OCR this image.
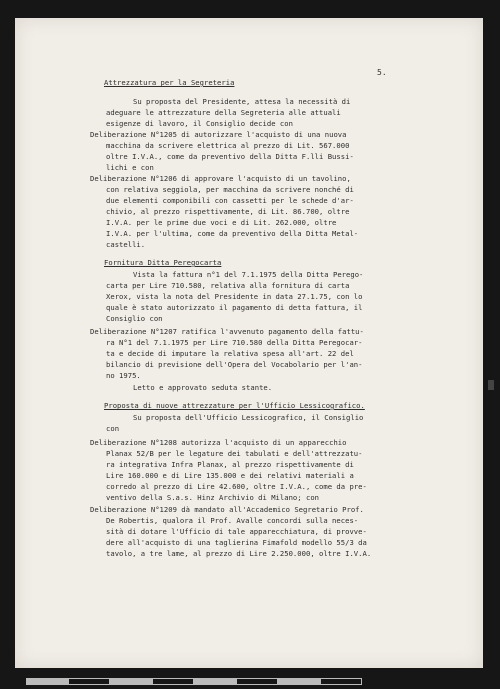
5.
Attrezzatura per la Segreteria
Su proposta del Presidente, attesa la necessità di
adeguare le attrezzature della Segreteria alle attuali
esigenze di lavoro, il Consiglio decide con
Deliberazione N°1205 di autorizzare l'acquisto di una nuova
macchina da scrivere elettrica al prezzo di Lit. 567.000
oltre I.V.A., come da preventivo della Ditta F.lli Bussi-
lichi e con
Deliberazione N°1206 di approvare l'acquisto di un tavolino,
con relativa seggiola, per macchina da scrivere nonché di
due elementi componibili con cassetti per le schede d'ar-
chivio, al prezzo rispettivamente, di Lit. 86.700, oltre
I.V.A. per le prime due voci e di Lit. 262.000, oltre
I.V.A. per l'ultima, come da preventivo della Ditta Metal-
castelli.
Fornitura Ditta Peregocarta
Vista la fattura n°1 del 7.1.1975 della Ditta Perego-
carta per Lire 710.580, relativa alla fornitura di carta
Xerox, vista la nota del Presidente in data 27.1.75, con lo
quale è stato autorizzato il pagamento di detta fattura, il
Consiglio con
Deliberazione N°1207 ratifica l'avvenuto pagamento della fattu-
ra N°1 del 7.1.1975 per Lire 710.580 della Ditta Peregocar-
ta e decide di imputare la relativa spesa all'art. 22 del
bilancio di previsione dell'Opera del Vocabolario per l'an-
no 1975.
Letto e approvato seduta stante.
Proposta di nuove attrezzature per l'Ufficio Lessicografico.
Su proposta dell'Ufficio Lessicografico, il Consiglio
con
Deliberazione N°1208 autorizza l'acquisto di un apparecchio
Planax 52/B per le legature dei tabulati e dell'attrezzatu-
ra integrativa Infra Planax, al prezzo rispettivamente di
Lire 160.000 e di Lire 135.000 e dei relativi materiali a
corredo al prezzo di Lire 42.600, oltre I.V.A., come da pre-
ventivo della S.a.s. Hinz Archivio di Milano; con
Deliberazione N°1209 dà mandato all'Accademico Segretario Prof.
De Robertis, qualora il Prof. Avalle concordi sulla neces-
sità di dotare l'Ufficio di tale apparecchiatura, di provve-
dere all'acquisto di una taglierina Fimafold modello 55/3 da
tavolo, a tre lame, al prezzo di Lire 2.250.000, oltre I.V.A.
